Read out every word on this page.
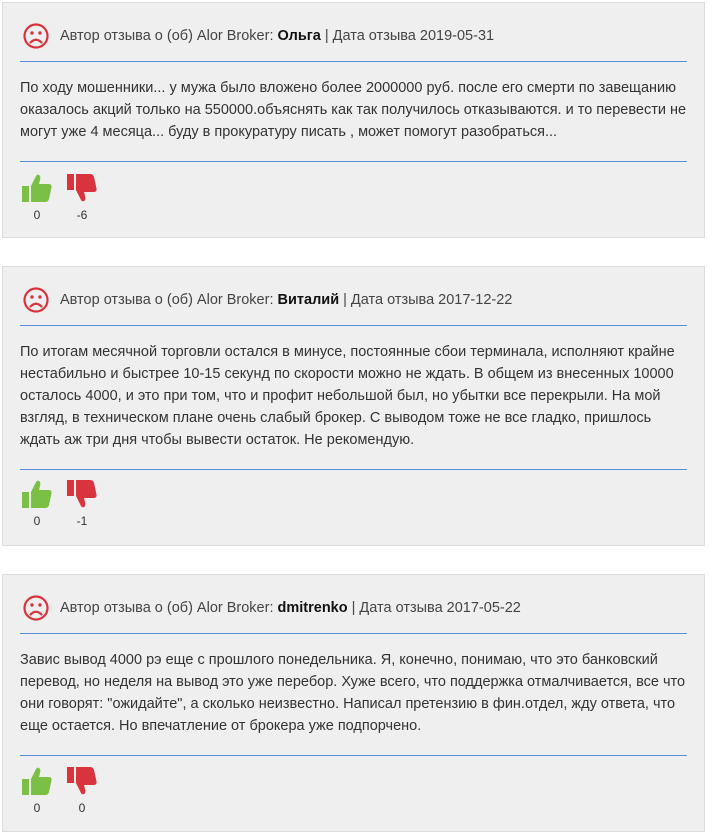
Автор отзыва о (об) Alor Broker: Ольга | Дата отзыва 2019-05-31
По ходу мошенники... у мужа было вложено более 2000000 руб. после его смерти по завещанию оказалось акций только на 550000.объяснять как так получилось отказываются. и то перевести не могут уже 4 месяца... буду в прокуратуру писать , может помогут разобраться...
0	-6
Автор отзыва о (об) Alor Broker: Виталий | Дата отзыва 2017-12-22
По итогам месячной торговли остался в минусе, постоянные сбои терминала, исполняют крайне нестабильно и быстрее 10-15 секунд по скорости можно не ждать. В общем из внесенных 10000 осталось 4000, и это при том, что и профит небольшой был, но убытки все перекрыли. На мой взгляд, в техническом плане очень слабый брокер. С выводом тоже не все гладко, пришлось ждать аж три дня чтобы вывести остаток. Не рекомендую.
0	-1
Автор отзыва о (об) Alor Broker: dmitrenko | Дата отзыва 2017-05-22
Завис вывод 4000 рэ еще с прошлого понедельника. Я, конечно, понимаю, что это банковский перевод, но неделя на вывод это уже перебор. Хуже всего, что поддержка отмалчивается, все что они говорят: "ожидайте", а сколько неизвестно. Написал претензию в фин.отдел, жду ответа, что еще остается. Но впечатление от брокера уже подпорчено.
0	0
